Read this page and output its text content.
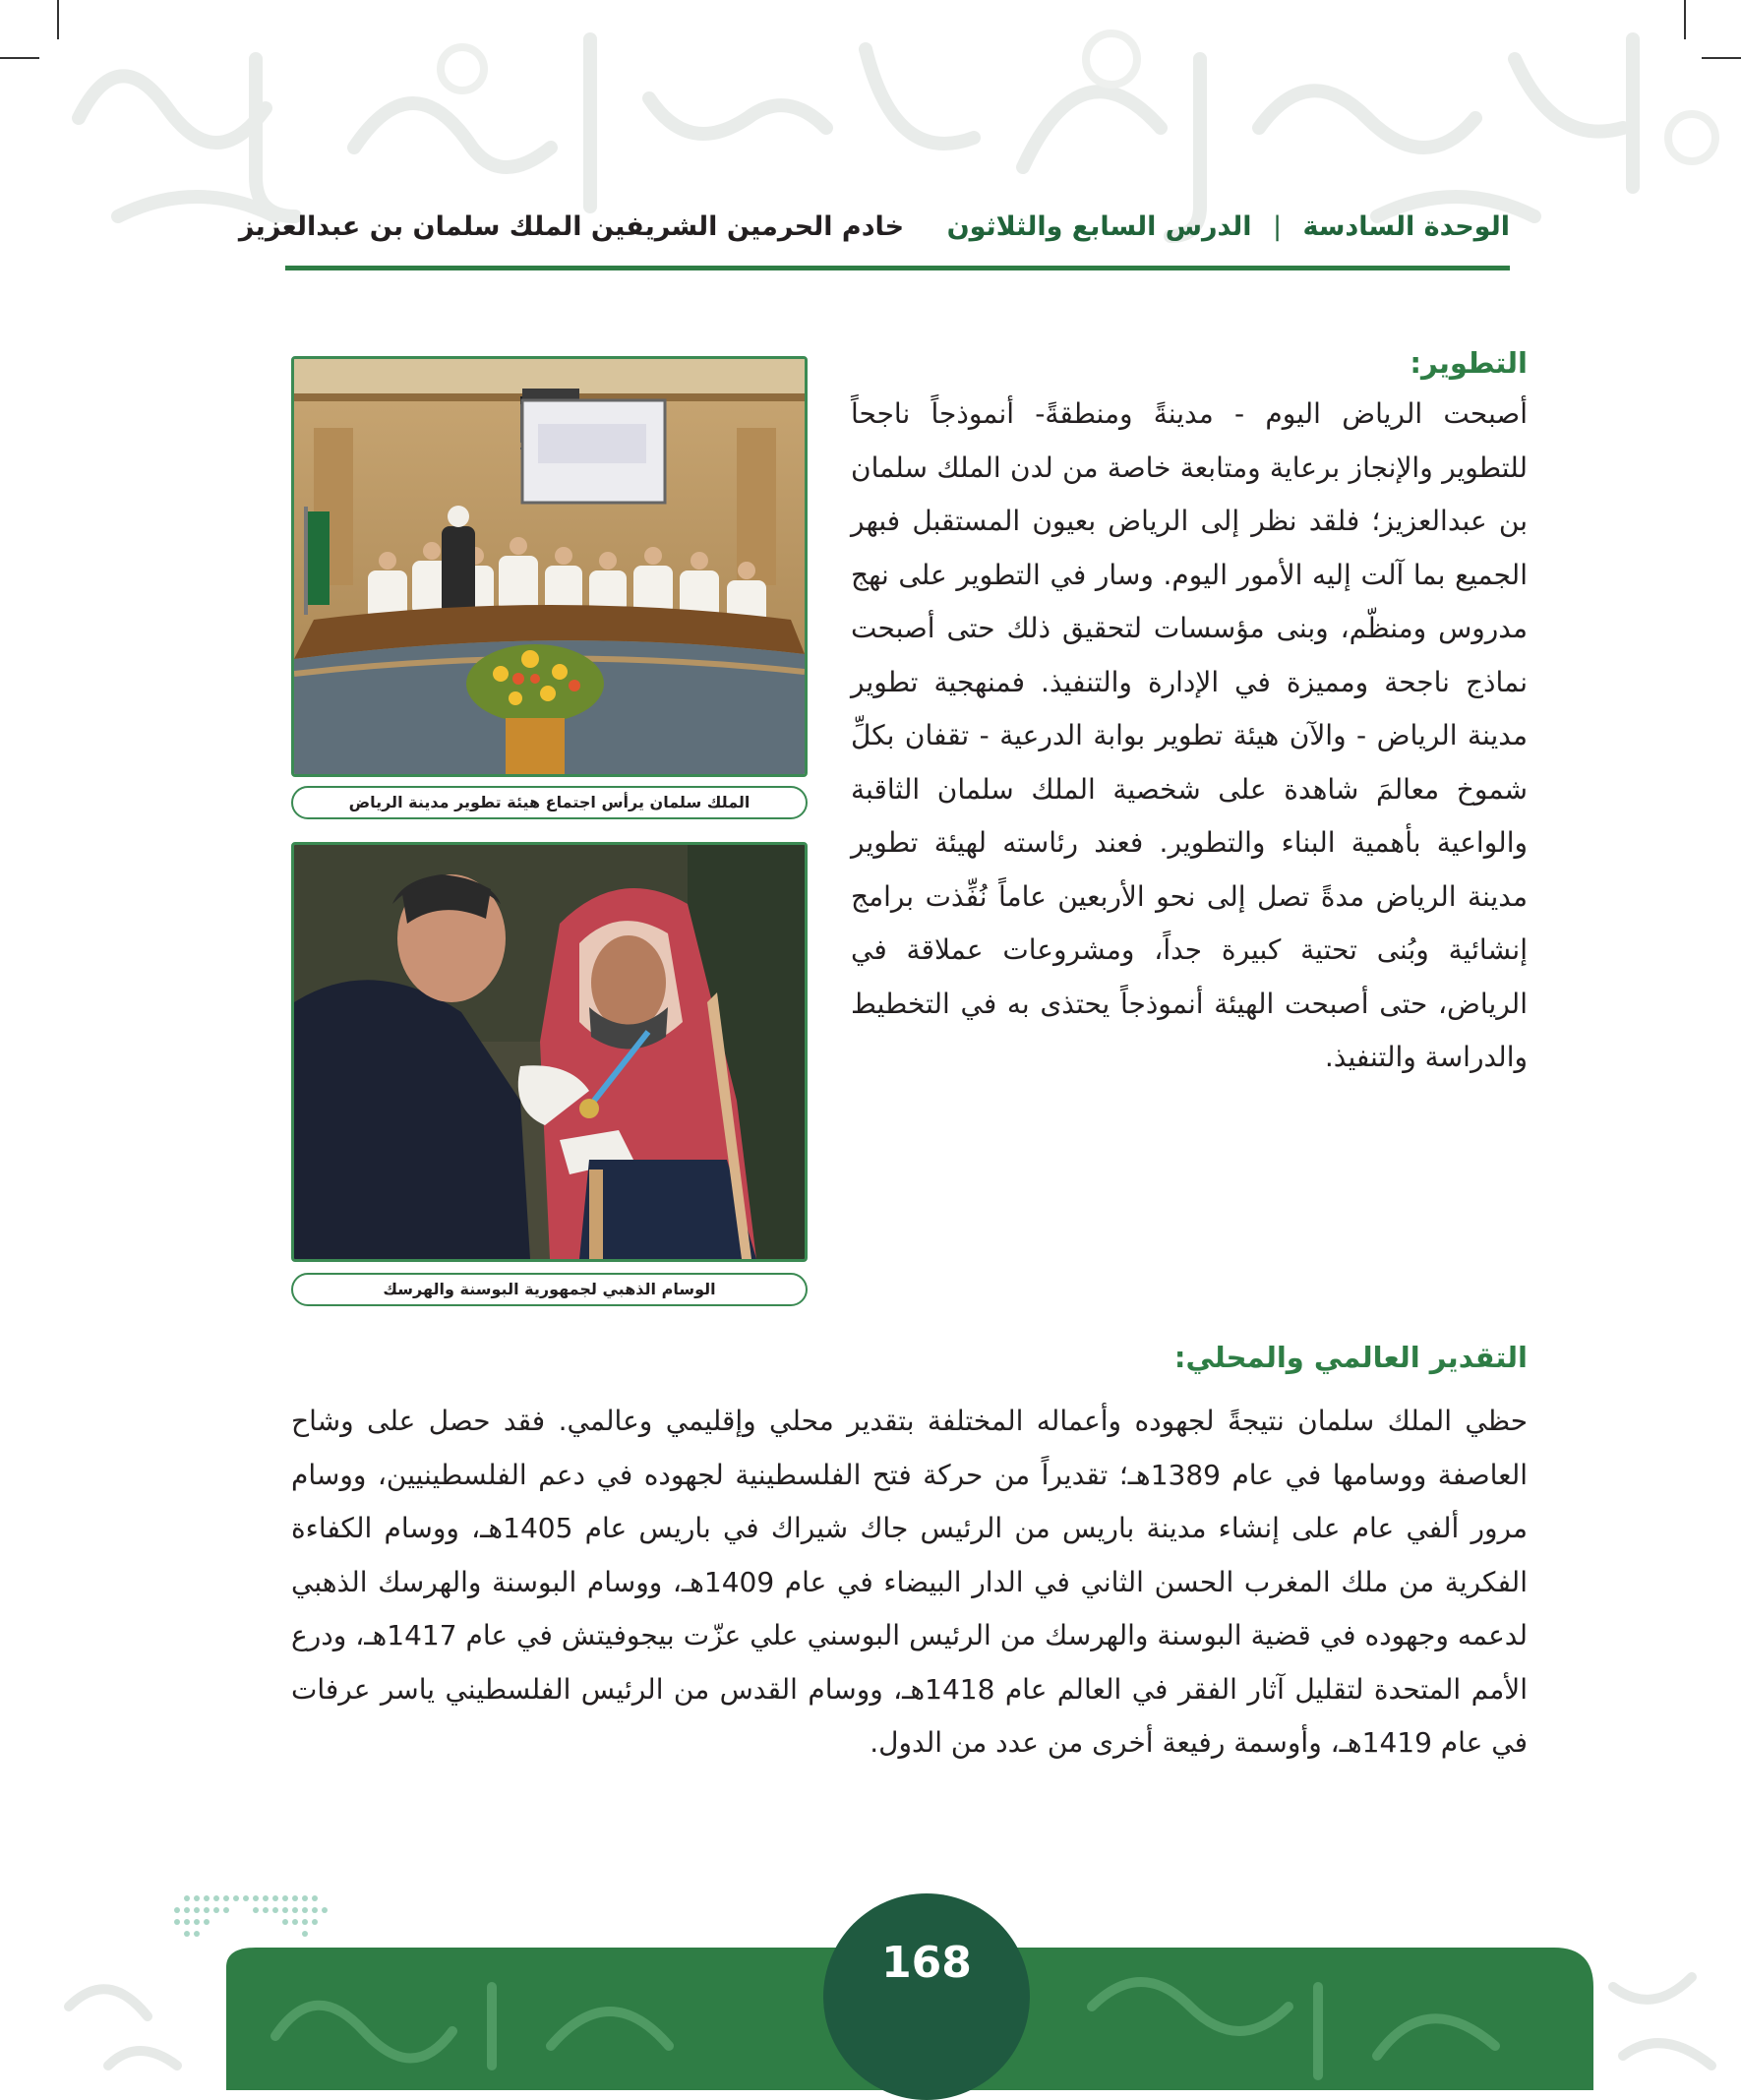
الوحدة السادسة | الدرس السابع والثلاثون خادم الحرمين الشريفين الملك سلمان بن عبدالعزيز
التطوير:
أصبحت الرياض اليوم - مدينةً ومنطقةً- أنموذجاً ناجحاً للتطوير والإنجاز برعاية ومتابعة خاصة من لدن الملك سلمان بن عبدالعزيز؛ فلقد نظر إلى الرياض بعيون المستقبل فبهر الجميع بما آلت إليه الأمور اليوم. وسار في التطوير على نهج مدروس ومنظّم، وبنى مؤسسات لتحقيق ذلك حتى أصبحت نماذج ناجحة ومميزة في الإدارة والتنفيذ. فمنهجية تطوير مدينة الرياض - والآن هيئة تطوير بوابة الدرعية - تقفان بكلِّ شموخ معالمَ شاهدة على شخصية الملك سلمان الثاقبة والواعية بأهمية البناء والتطوير. فعند رئاسته لهيئة تطوير مدينة الرياض مدةً تصل إلى نحو الأربعين عاماً نُفِّذت برامج إنشائية وبُنى تحتية كبيرة جداً، ومشروعات عملاقة في الرياض، حتى أصبحت الهيئة أنموذجاً يحتذى به في التخطيط والدراسة والتنفيذ.
الملك سلمان يرأس اجتماع هيئة تطوير مدينة الرياض
الوسام الذهبي لجمهورية البوسنة والهرسك
التقدير العالمي والمحلي:
حظي الملك سلمان نتيجةً لجهوده وأعماله المختلفة بتقدير محلي وإقليمي وعالمي. فقد حصل على وشاح العاصفة ووسامها في عام 1389هـ؛ تقديراً من حركة فتح الفلسطينية لجهوده في دعم الفلسطينيين، ووسام مرور ألفي عام على إنشاء مدينة باريس من الرئيس جاك شيراك في باريس عام 1405هـ، ووسام الكفاءة الفكرية من ملك المغرب الحسن الثاني في الدار البيضاء في عام 1409هـ، ووسام البوسنة والهرسك الذهبي لدعمه وجهوده في قضية البوسنة والهرسك من الرئيس البوسني علي عزّت بيجوفيتش في عام 1417هـ، ودرع الأمم المتحدة لتقليل آثار الفقر في العالم عام 1418هـ، ووسام القدس من الرئيس الفلسطيني ياسر عرفات في عام 1419هـ، وأوسمة رفيعة أخرى من عدد من الدول.
168
